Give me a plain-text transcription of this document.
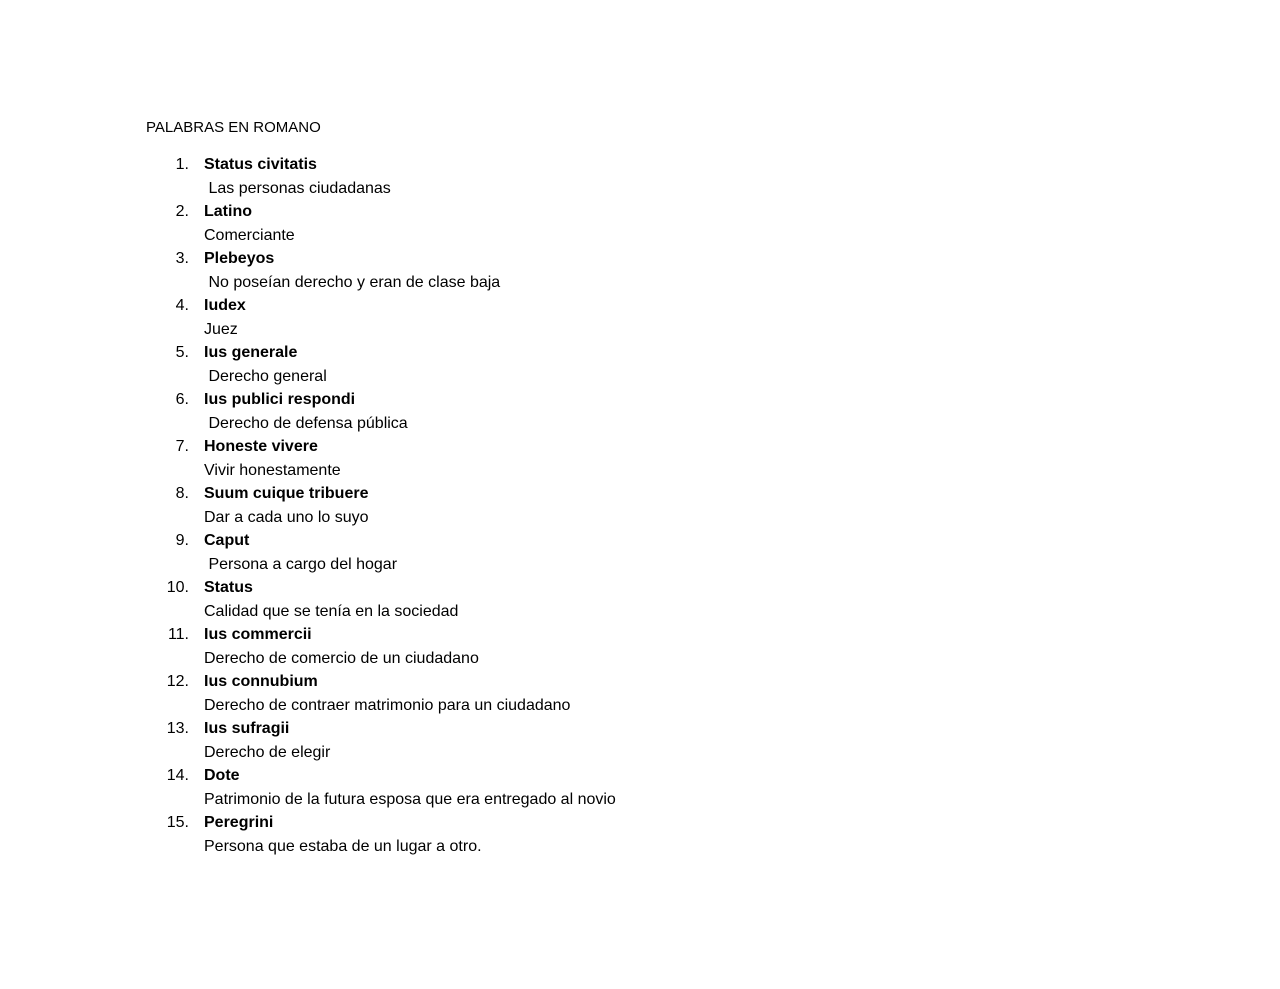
PALABRAS EN ROMANO
1. Status civitatis
Las personas ciudadanas
2. Latino
Comerciante
3. Plebeyos
No poseían derecho y eran de clase baja
4. Iudex
Juez
5. Ius generale
Derecho general
6. Ius publici respondi
Derecho de defensa pública
7. Honeste vivere
Vivir honestamente
8. Suum cuique tribuere
Dar a cada uno lo suyo
9. Caput
Persona a cargo del hogar
10. Status
Calidad que se tenía en la sociedad
11. Ius commercii
Derecho de comercio de un ciudadano
12. Ius connubium
Derecho de contraer matrimonio para un ciudadano
13. Ius sufragii
Derecho de elegir
14. Dote
Patrimonio de la futura esposa que era entregado al novio
15. Peregrini
Persona que estaba de un lugar a otro.
